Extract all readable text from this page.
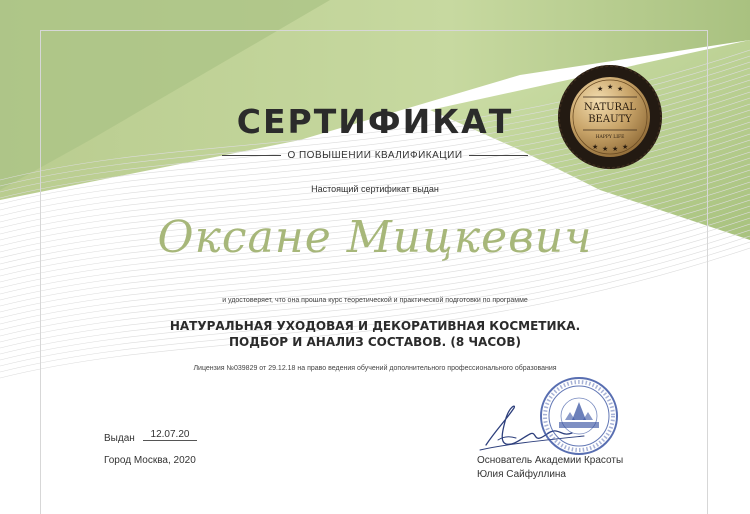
СЕРТИФИКАТ
О ПОВЫШЕНИИ КВАЛИФИКАЦИИ
Настоящий сертификат выдан
Оксане Мицкевич
и удостоверяет, что она прошла курс теоретической и практической подготовки по программе
НАТУРАЛЬНАЯ УХОДОВАЯ И ДЕКОРАТИВНАЯ КОСМЕТИКА.
ПОДБОР И АНАЛИЗ СОСТАВОВ. (8 ЧАСОВ)
Лицензия №039829 от 29.12.18 на право ведения обучений дополнительного профессионального образования
Выдан	12.07.20
Город Москва, 2020
★ ★ ★
★ ★ ★ ★
NATURAL
BEAUTY
HAPPY LIFE
Основатель Академии Красоты
Юлия Сайфуллина
